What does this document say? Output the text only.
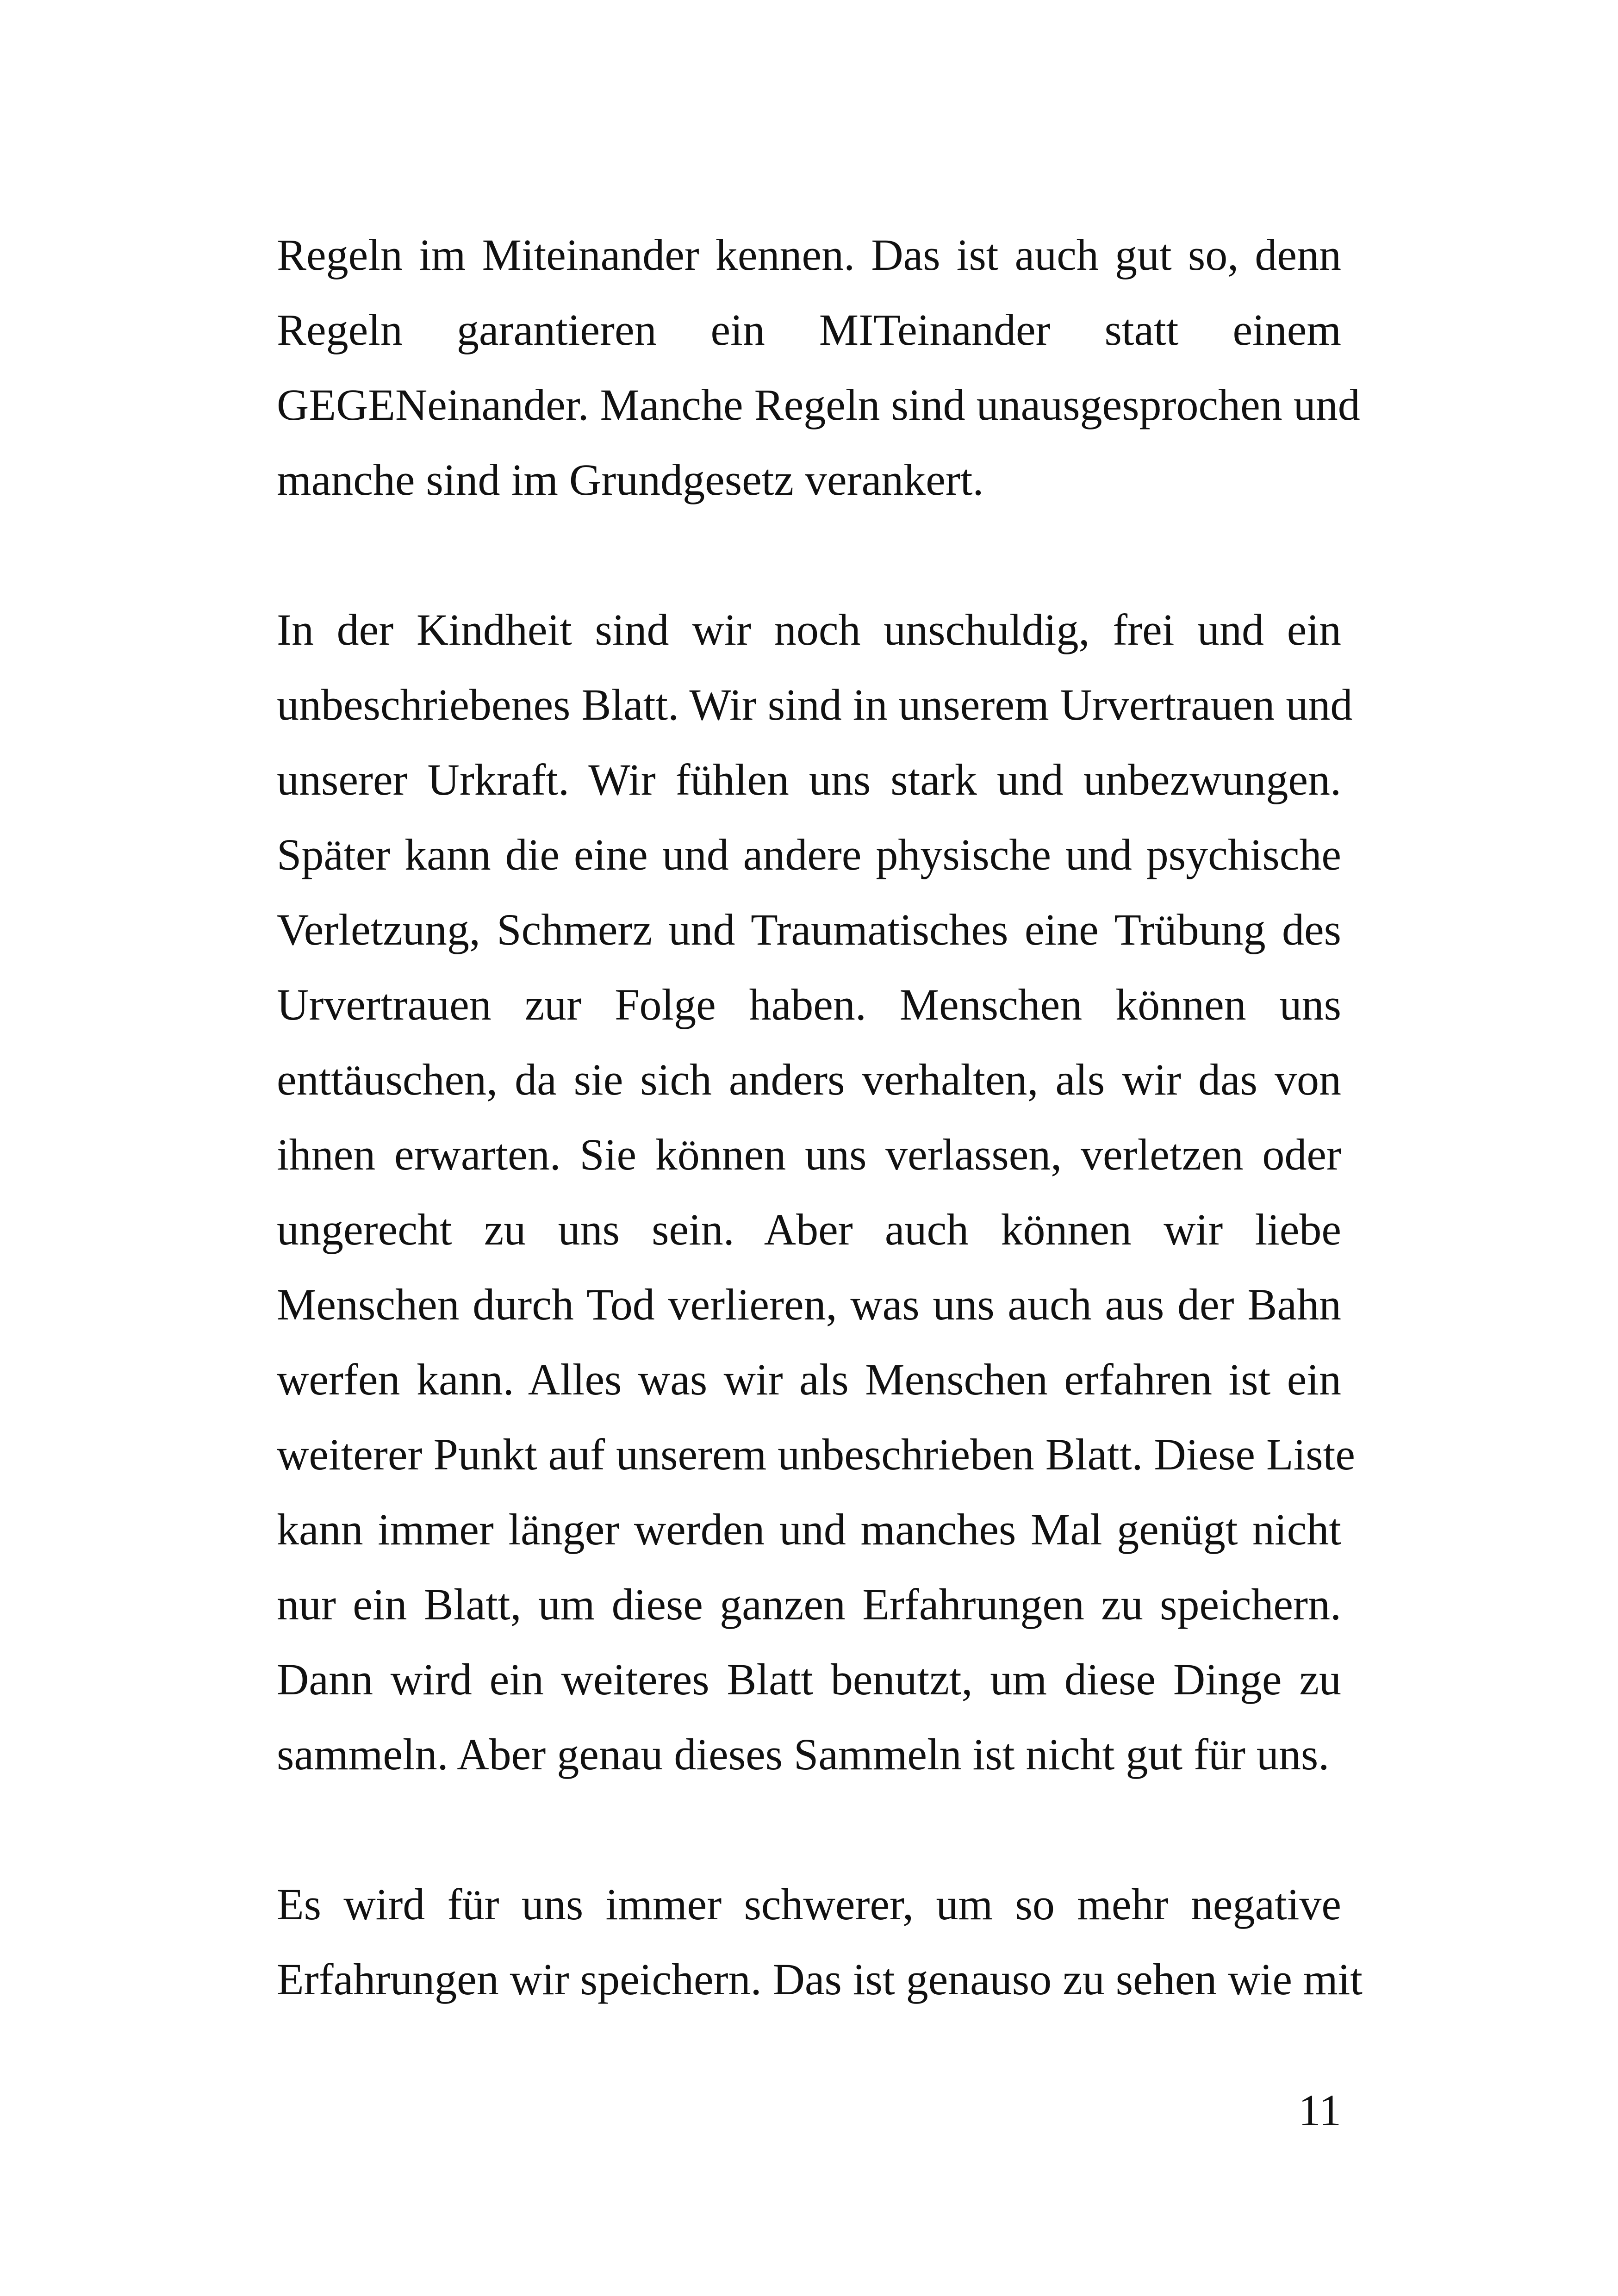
Regeln im Miteinander kennen. Das ist auch gut so, denn
Regeln garantieren ein MITeinander statt einem
GEGENeinander. Manche Regeln sind unausgesprochen und
manche sind im Grundgesetz verankert.

In der Kindheit sind wir noch unschuldig, frei und ein
unbeschriebenes Blatt. Wir sind in unserem Urvertrauen und
unserer Urkraft. Wir fühlen uns stark und unbezwungen.
Später kann die eine und andere physische und psychische
Verletzung, Schmerz und Traumatisches eine Trübung des
Urvertrauen zur Folge haben. Menschen können uns
enttäuschen, da sie sich anders verhalten, als wir das von
ihnen erwarten. Sie können uns verlassen, verletzen oder
ungerecht zu uns sein. Aber auch können wir liebe
Menschen durch Tod verlieren, was uns auch aus der Bahn
werfen kann. Alles was wir als Menschen erfahren ist ein
weiterer Punkt auf unserem unbeschrieben Blatt. Diese Liste
kann immer länger werden und manches Mal genügt nicht
nur ein Blatt, um diese ganzen Erfahrungen zu speichern.
Dann wird ein weiteres Blatt benutzt, um diese Dinge zu
sammeln. Aber genau dieses Sammeln ist nicht gut für uns.

Es wird für uns immer schwerer, um so mehr negative
Erfahrungen wir speichern. Das ist genauso zu sehen wie mit

11
